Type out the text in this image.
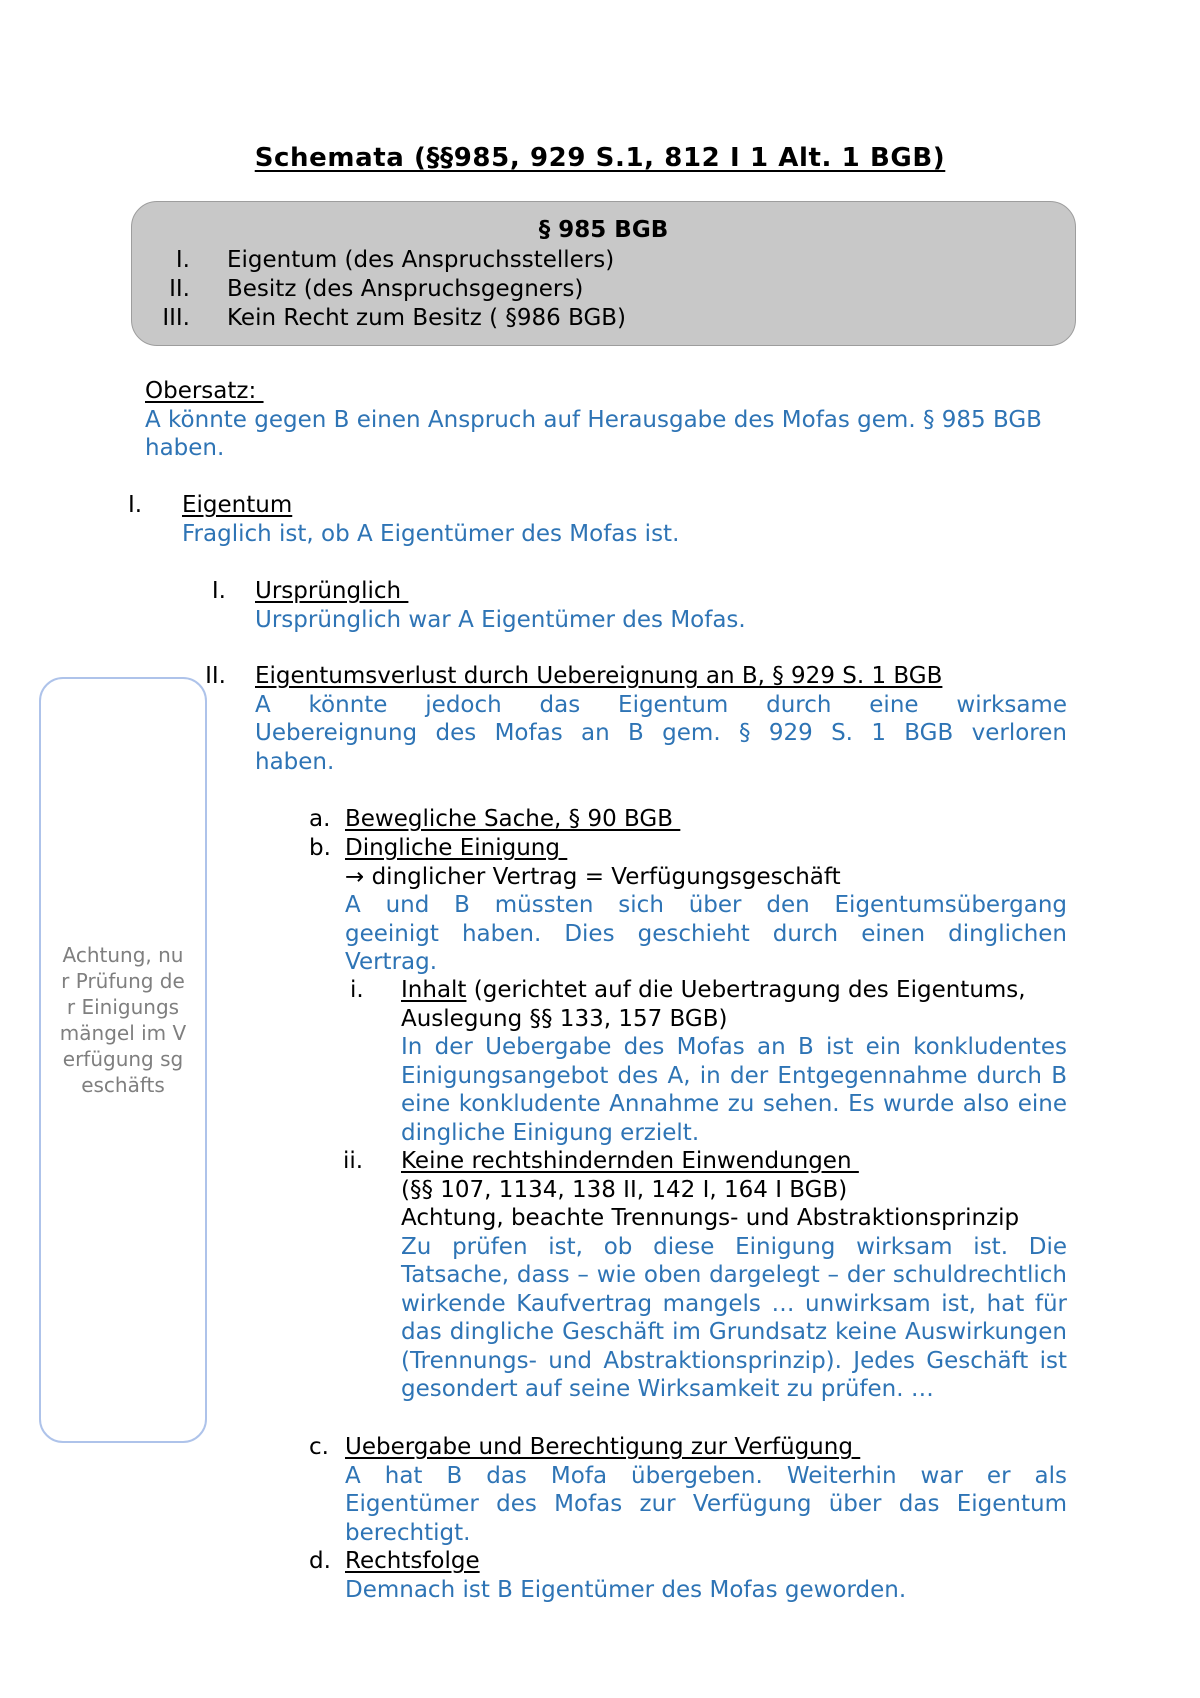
Schemata (§§985, 929 S.1, 812 I 1 Alt. 1 BGB)
§ 985 BGB
I. Eigentum (des Anspruchsstellers)
II. Besitz (des Anspruchsgegners)
III. Kein Recht zum Besitz ( §986 BGB)
Obersatz:
A könnte gegen B einen Anspruch auf Herausgabe des Mofas gem. § 985 BGB haben.
I.	Eigentum
Fraglich ist, ob A Eigentümer des Mofas ist.
I. Ursprünglich
Ursprünglich war A Eigentümer des Mofas.
II. Eigentumsverlust durch Uebereignung an B, § 929 S. 1 BGB
A könnte jedoch das Eigentum durch eine wirksame Uebereignung des Mofas an B gem. § 929 S. 1 BGB verloren haben.
a. Bewegliche Sache, § 90 BGB
b. Dingliche Einigung
→ dinglicher Vertrag = Verfügungsgeschäft
A und B müssten sich über den Eigentumsübergang geeinigt haben. Dies geschieht durch einen dinglichen Vertrag.
i. Inhalt (gerichtet auf die Uebertragung des Eigentums, Auslegung §§ 133, 157 BGB)
In der Uebergabe des Mofas an B ist ein konkludentes Einigungsangebot des A, in der Entgegennahme durch B eine konkludente Annahme zu sehen. Es wurde also eine dingliche Einigung erzielt.
ii. Keine rechtshindernden Einwendungen
(§§ 107, 1134, 138 II, 142 I, 164 I BGB)
Achtung, beachte Trennungs- und Abstraktionsprinzip
Zu prüfen ist, ob diese Einigung wirksam ist. Die Tatsache, dass – wie oben dargelegt – der schuldrechtlich wirkende Kaufvertrag mangels … unwirksam ist, hat für das dingliche Geschäft im Grundsatz keine Auswirkungen (Trennungs- und Abstraktionsprinzip). Jedes Geschäft ist gesondert auf seine Wirksamkeit zu prüfen. …
c. Uebergabe und Berechtigung zur Verfügung
A hat B das Mofa übergeben. Weiterhin war er als Eigentümer des Mofas zur Verfügung über das Eigentum berechtigt.
d. Rechtsfolge
Demnach ist B Eigentümer des Mofas geworden.
Achtung, nur Prüfung der Einigungs mängel im Verfügung sgeschäfts
